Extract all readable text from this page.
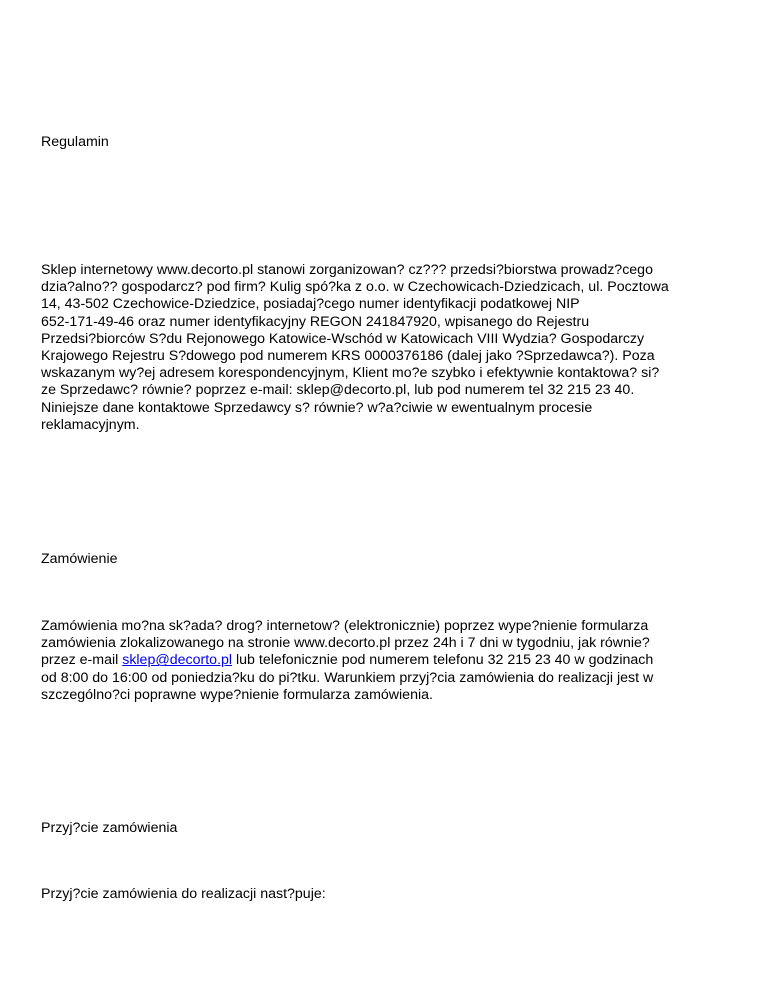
Regulamin
Sklep internetowy www.decorto.pl stanowi zorganizowan? cz??? przedsi?biorstwa prowadz?cego
dzia?alno?? gospodarcz? pod firm? Kulig spó?ka z o.o. w Czechowicach-Dziedzicach, ul. Pocztowa
14, 43-502 Czechowice-Dziedzice, posiadaj?cego numer identyfikacji podatkowej NIP
652-171-49-46 oraz numer identyfikacyjny REGON 241847920, wpisanego do Rejestru
Przedsi?biorców S?du Rejonowego Katowice-Wschód w Katowicach VIII Wydzia? Gospodarczy
Krajowego Rejestru S?dowego pod numerem KRS 0000376186 (dalej jako ?Sprzedawca?). Poza
wskazanym wy?ej adresem korespondencyjnym, Klient mo?e szybko i efektywnie kontaktowa? si?
ze Sprzedawc? równie? poprzez e-mail: sklep@decorto.pl, lub pod numerem tel 32 215 23 40.
Niniejsze dane kontaktowe Sprzedawcy s? równie? w?a?ciwie w ewentualnym procesie
reklamacyjnym.
Zamówienie
Zamówienia mo?na sk?ada? drog? internetow? (elektronicznie) poprzez wype?nienie formularza
zamówienia zlokalizowanego na stronie www.decorto.pl przez 24h i 7 dni w tygodniu, jak równie?
przez e-mail sklep@decorto.pl lub telefonicznie pod numerem telefonu 32 215 23 40 w godzinach
od 8:00 do 16:00 od poniedzia?ku do pi?tku. Warunkiem przyj?cia zamówienia do realizacji jest w
szczególno?ci poprawne wype?nienie formularza zamówienia.
Przyj?cie zamówienia
Przyj?cie zamówienia do realizacji nast?puje:
